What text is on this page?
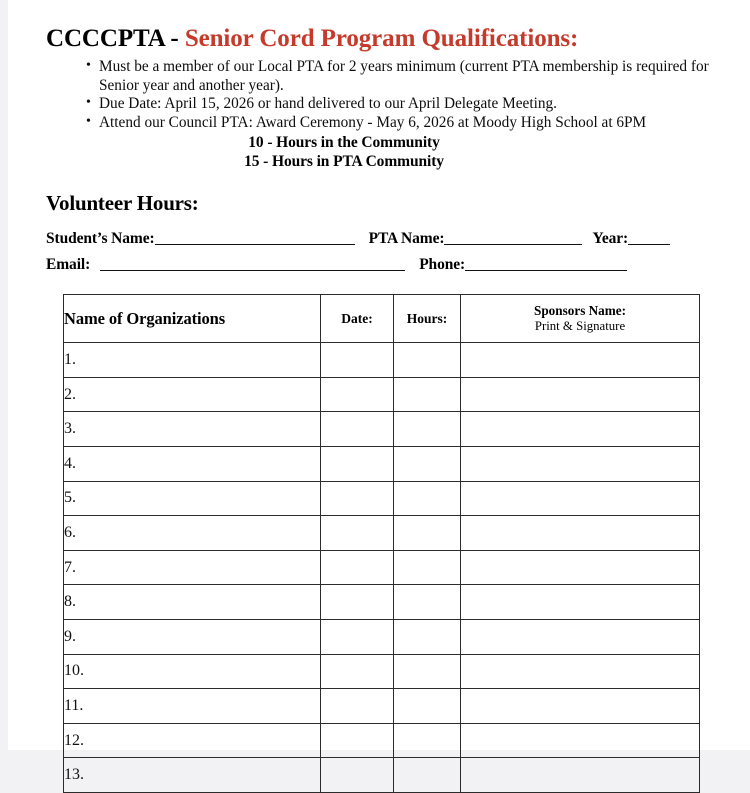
CCCCPTA - Senior Cord Program Qualifications:
• Must be a member of our Local PTA for 2 years minimum (current PTA membership is required for Senior year and another year).
• Due Date: April 15, 2026 or hand delivered to our April Delegate Meeting.
• Attend our Council PTA: Award Ceremony - May 6, 2026 at Moody High School at 6PM
10 - Hours in the Community
15 - Hours in PTA Community
Volunteer Hours:
Student’s Name:	PTA Name:	Year:
Email:	Phone:
Name of Organizations	Date:	Hours:	Sponsors Name:
Print & Signature

1.			
2.			
3.			
4.			
5.			
6.			
7.			
8.			
9.			
10.			
11.			
12.			
13.			
